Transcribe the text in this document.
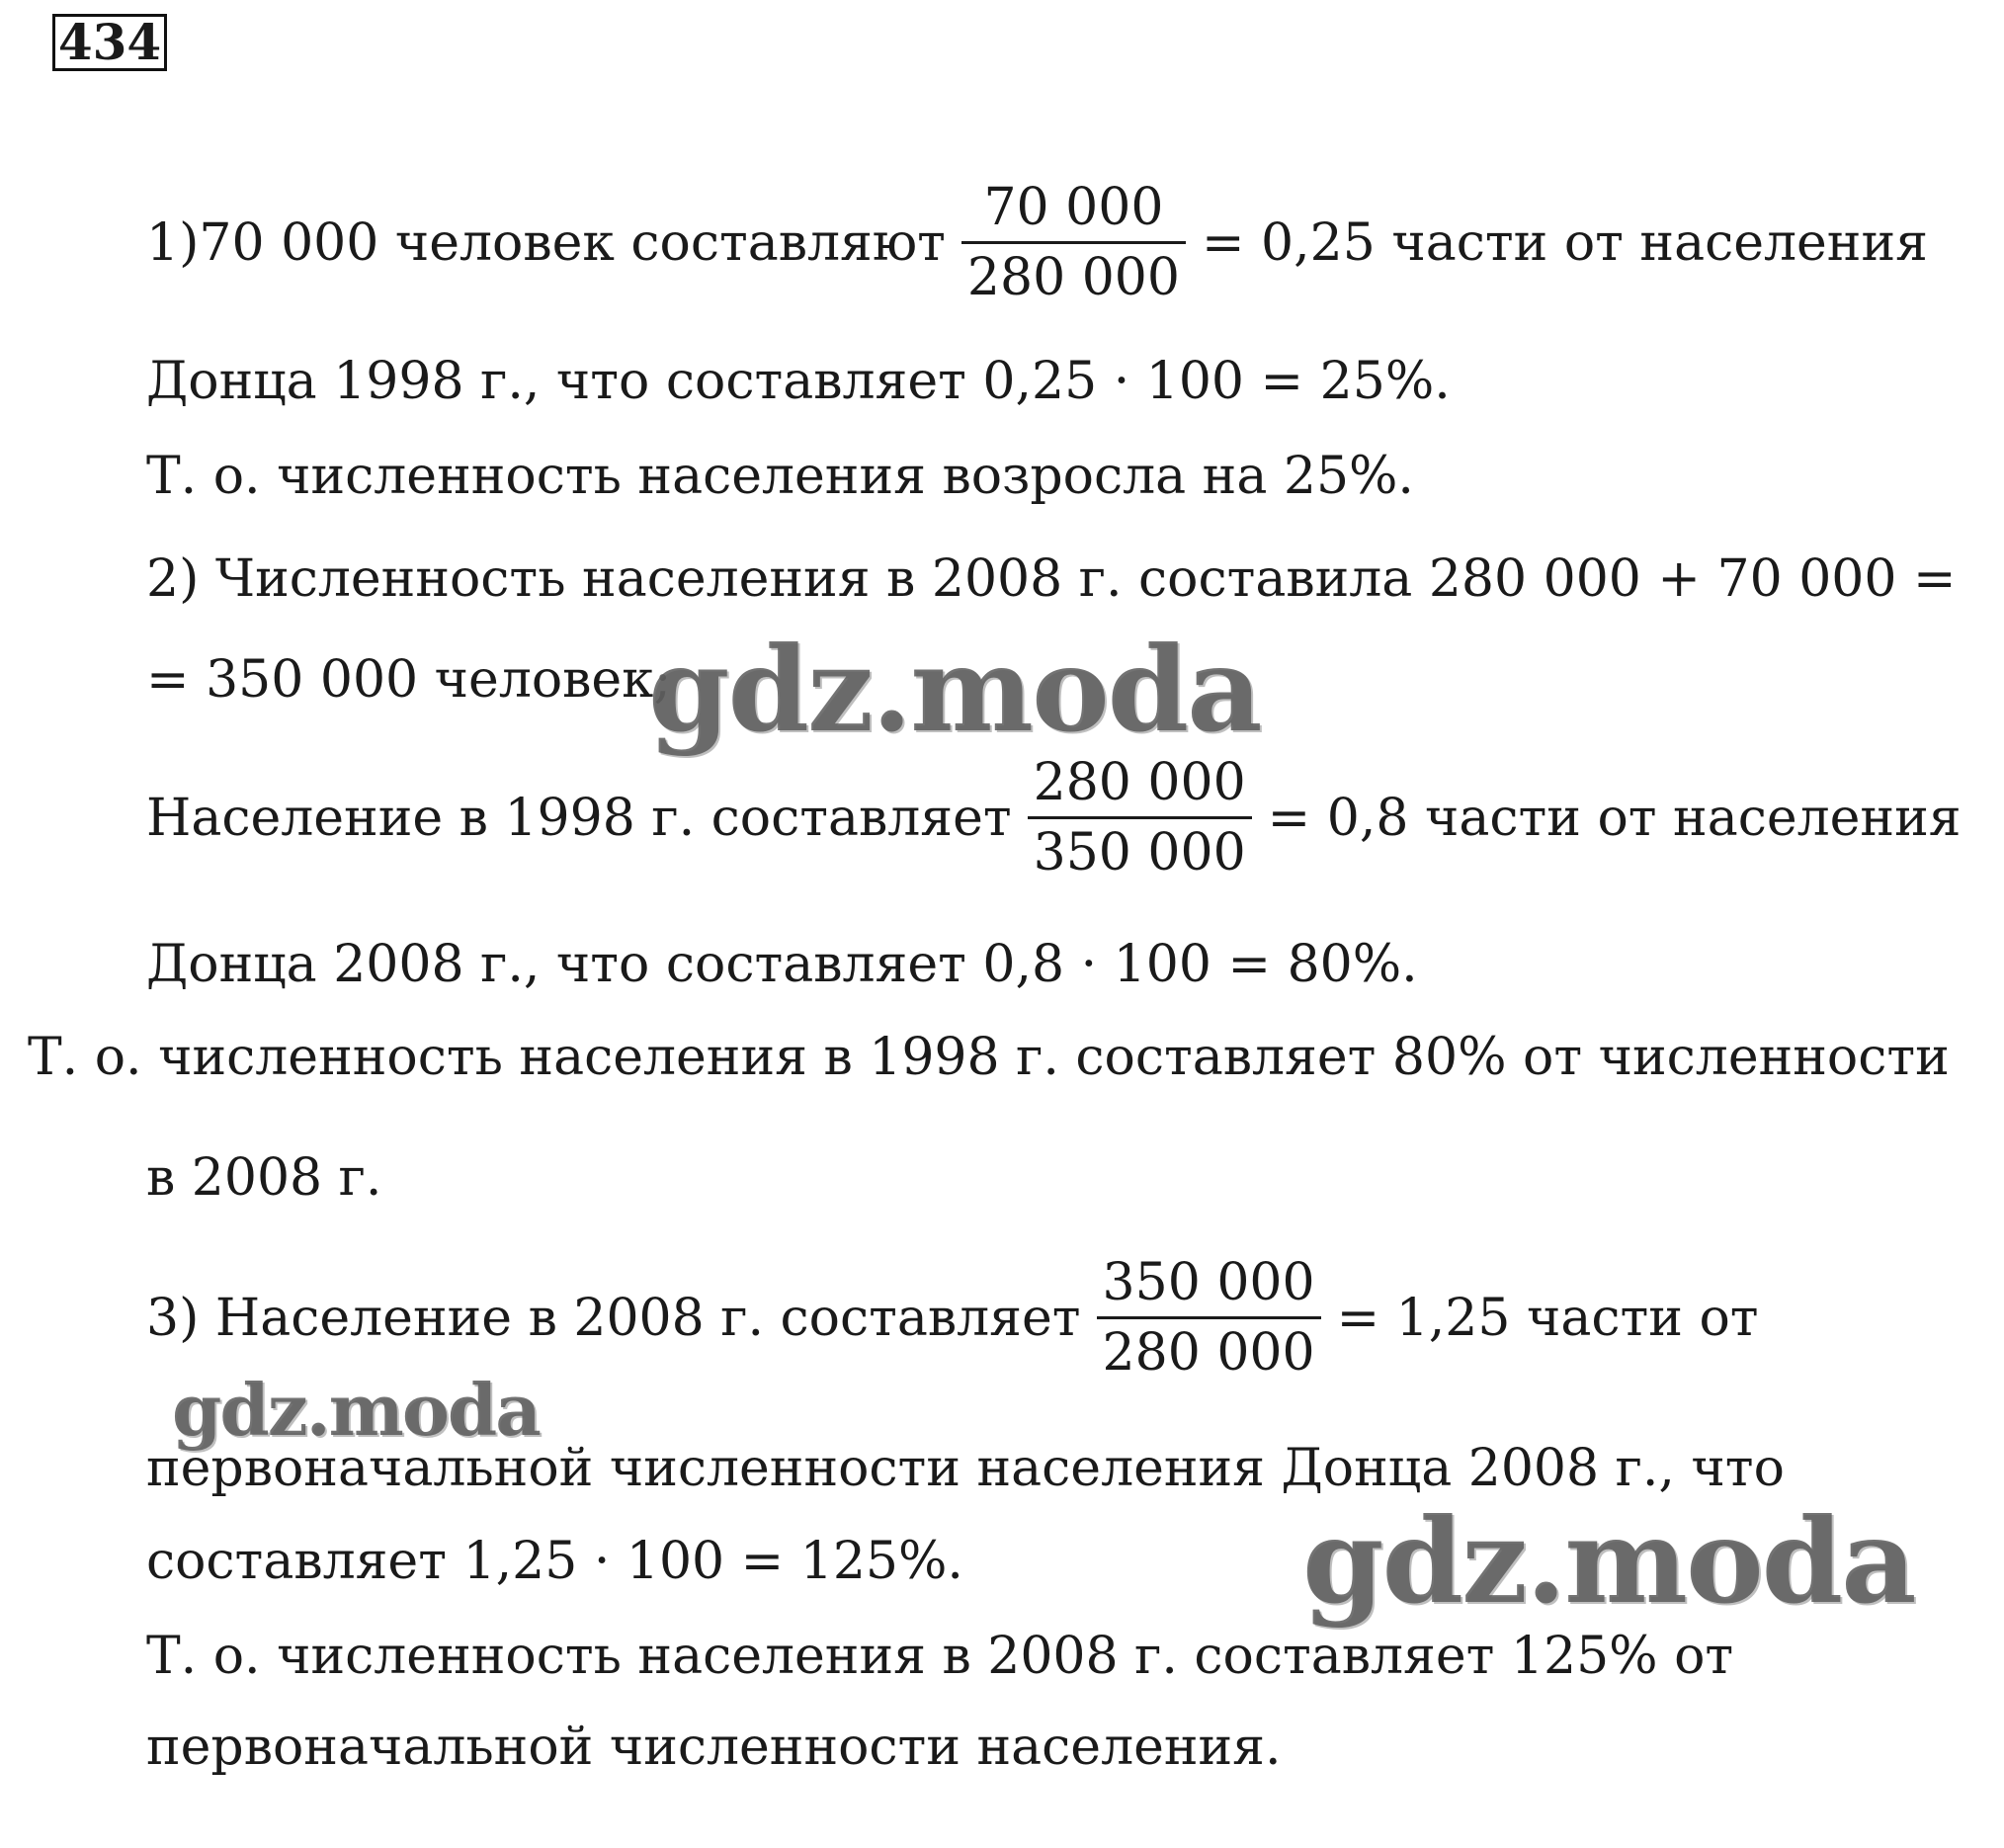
434
1)70 000 человек составляют $\frac{70 000}{280 000} = 0,25$ части от населения
Донца 1998 г., что составляет 0,25 · 100 = 25%.
Т. о. численность населения возросла на 25%.
2) Численность населения в 2008 г. составила 280 000 + 70 000 =
= 350 000 человек;
Население в 1998 г. составляет $\frac{280 000}{350 000} = 0,8$ части от населения
Донца 2008 г., что составляет 0,8 · 100 = 80%.
Т. о. численность населения в 1998 г. составляет 80% от численности
в 2008 г.
3) Население в 2008 г. составляет $\frac{350 000}{280 000} = 1,25$ части от
первоначальной численности населения Донца 2008 г., что
составляет 1,25 · 100 = 125%.
Т. о. численность населения в 2008 г. составляет 125% от
первоначальной численности населения.
gdz.moda
gdz.moda
gdz.moda
